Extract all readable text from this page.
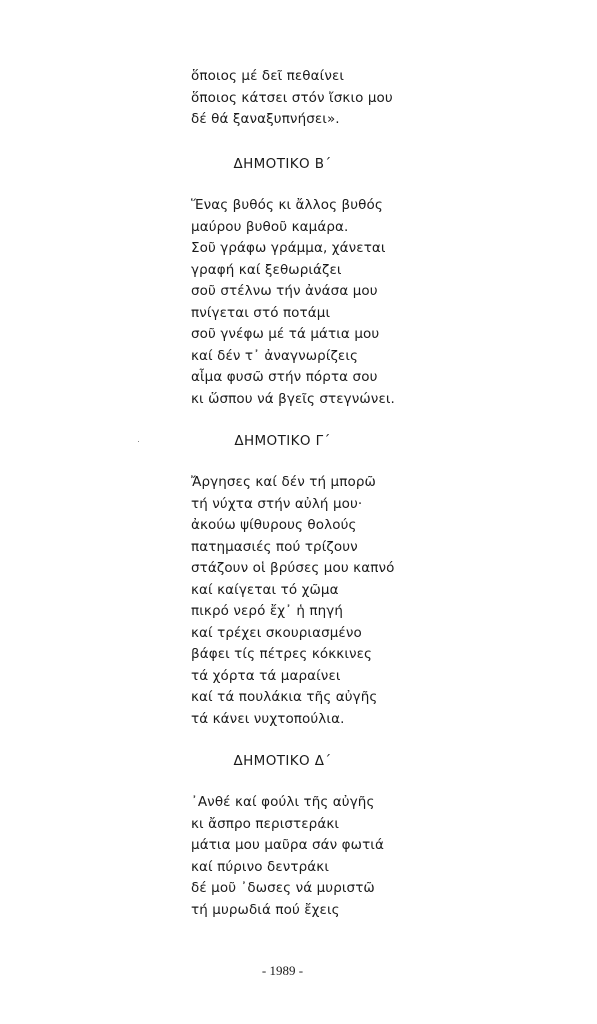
ὅποιος μέ δεῖ πεθαίνει
ὅποιος κάτσει στόν ἴσκιο μου
δέ θά ξαναξυπνήσει».
ΔΗΜΟΤΙΚΟ Β΄
Ἕνας βυθός κι ἄλλος βυθός
μαύρου βυθοῦ καμάρα.
Σοῦ γράφω γράμμα, χάνεται
γραφή καί ξεθωριάζει
σοῦ στέλνω τήν ἀνάσα μου
πνίγεται στό ποτάμι
σοῦ γνέφω μέ τά μάτια μου
καί δέν τ᾽ ἀναγνωρίζεις
αἷμα φυσῶ στήν πόρτα σου
κι ὥσπου νά βγεῖς στεγνώνει.
ΔΗΜΟΤΙΚΟ Γ΄
Ἄργησες καί δέν τή μπορῶ
τή νύχτα στήν αὐλή μου·
ἀκούω ψίθυρους θολούς
πατημασιές πού τρίζουν
στάζουν οἱ βρύσες μου καπνό
καί καίγεται τό χῶμα
πικρό νερό ἔχ᾽ ἡ πηγή
καί τρέχει σκουριασμένο
βάφει τίς πέτρες κόκκινες
τά χόρτα τά μαραίνει
καί τά πουλάκια τῆς αὐγῆς
τά κάνει νυχτοπούλια.
ΔΗΜΟΤΙΚΟ Δ΄
᾽Ανθέ καί φούλι τῆς αὐγῆς
κι ἄσπρο περιστεράκι
μάτια μου μαῦρα σάν φωτιά
καί πύρινο δεντράκι
δέ μοῦ ᾽δωσες νά μυριστῶ
τή μυρωδιά πού ἔχεις
- 1989 -
